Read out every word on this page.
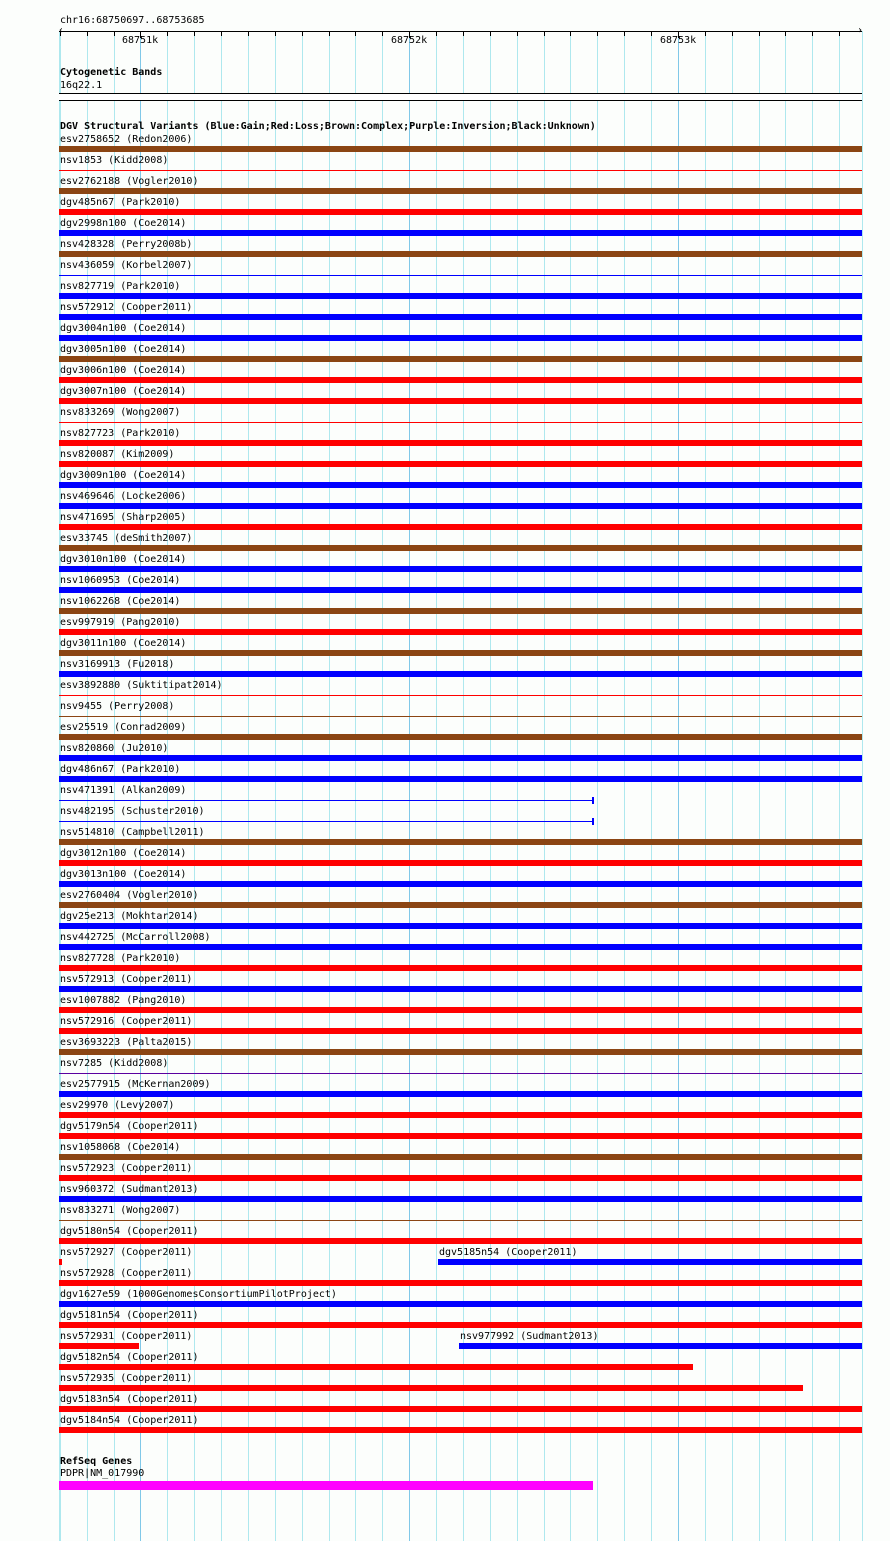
chr16:68750697..68753685
‹	›
68751k	68752k	68753k
Cytogenetic Bands
16q22.1
DGV Structural Variants (Blue:Gain;Red:Loss;Brown:Complex;Purple:Inversion;Black:Unknown)
esv2758652 (Redon2006)
nsv1853 (Kidd2008)
esv2762188 (Vogler2010)
dgv485n67 (Park2010)
dgv2998n100 (Coe2014)
nsv428328 (Perry2008b)
nsv436059 (Korbel2007)
nsv827719 (Park2010)
nsv572912 (Cooper2011)
dgv3004n100 (Coe2014)
dgv3005n100 (Coe2014)
dgv3006n100 (Coe2014)
dgv3007n100 (Coe2014)
nsv833269 (Wong2007)
nsv827723 (Park2010)
nsv820087 (Kim2009)
dgv3009n100 (Coe2014)
nsv469646 (Locke2006)
nsv471695 (Sharp2005)
esv33745 (deSmith2007)
dgv3010n100 (Coe2014)
nsv1060953 (Coe2014)
nsv1062268 (Coe2014)
esv997919 (Pang2010)
dgv3011n100 (Coe2014)
nsv3169913 (Fu2018)
esv3892880 (Suktitipat2014)
nsv9455 (Perry2008)
esv25519 (Conrad2009)
nsv820860 (Ju2010)
dgv486n67 (Park2010)
nsv471391 (Alkan2009)
nsv482195 (Schuster2010)
nsv514810 (Campbell2011)
dgv3012n100 (Coe2014)
dgv3013n100 (Coe2014)
esv2760404 (Vogler2010)
dgv25e213 (Mokhtar2014)
nsv442725 (McCarroll2008)
nsv827728 (Park2010)
nsv572913 (Cooper2011)
esv1007882 (Pang2010)
nsv572916 (Cooper2011)
esv3693223 (Palta2015)
nsv7285 (Kidd2008)
esv2577915 (McKernan2009)
esv29970 (Levy2007)
dgv5179n54 (Cooper2011)
nsv1058068 (Coe2014)
nsv572923 (Cooper2011)
nsv960372 (Sudmant2013)
nsv833271 (Wong2007)
dgv5180n54 (Cooper2011)
nsv572927 (Cooper2011)	dgv5185n54 (Cooper2011)
nsv572928 (Cooper2011)
dgv1627e59 (1000GenomesConsortiumPilotProject)
dgv5181n54 (Cooper2011)
nsv572931 (Cooper2011)	nsv977992 (Sudmant2013)
dgv5182n54 (Cooper2011)
nsv572935 (Cooper2011)
dgv5183n54 (Cooper2011)
dgv5184n54 (Cooper2011)
RefSeq Genes
PDPR|NM_017990
